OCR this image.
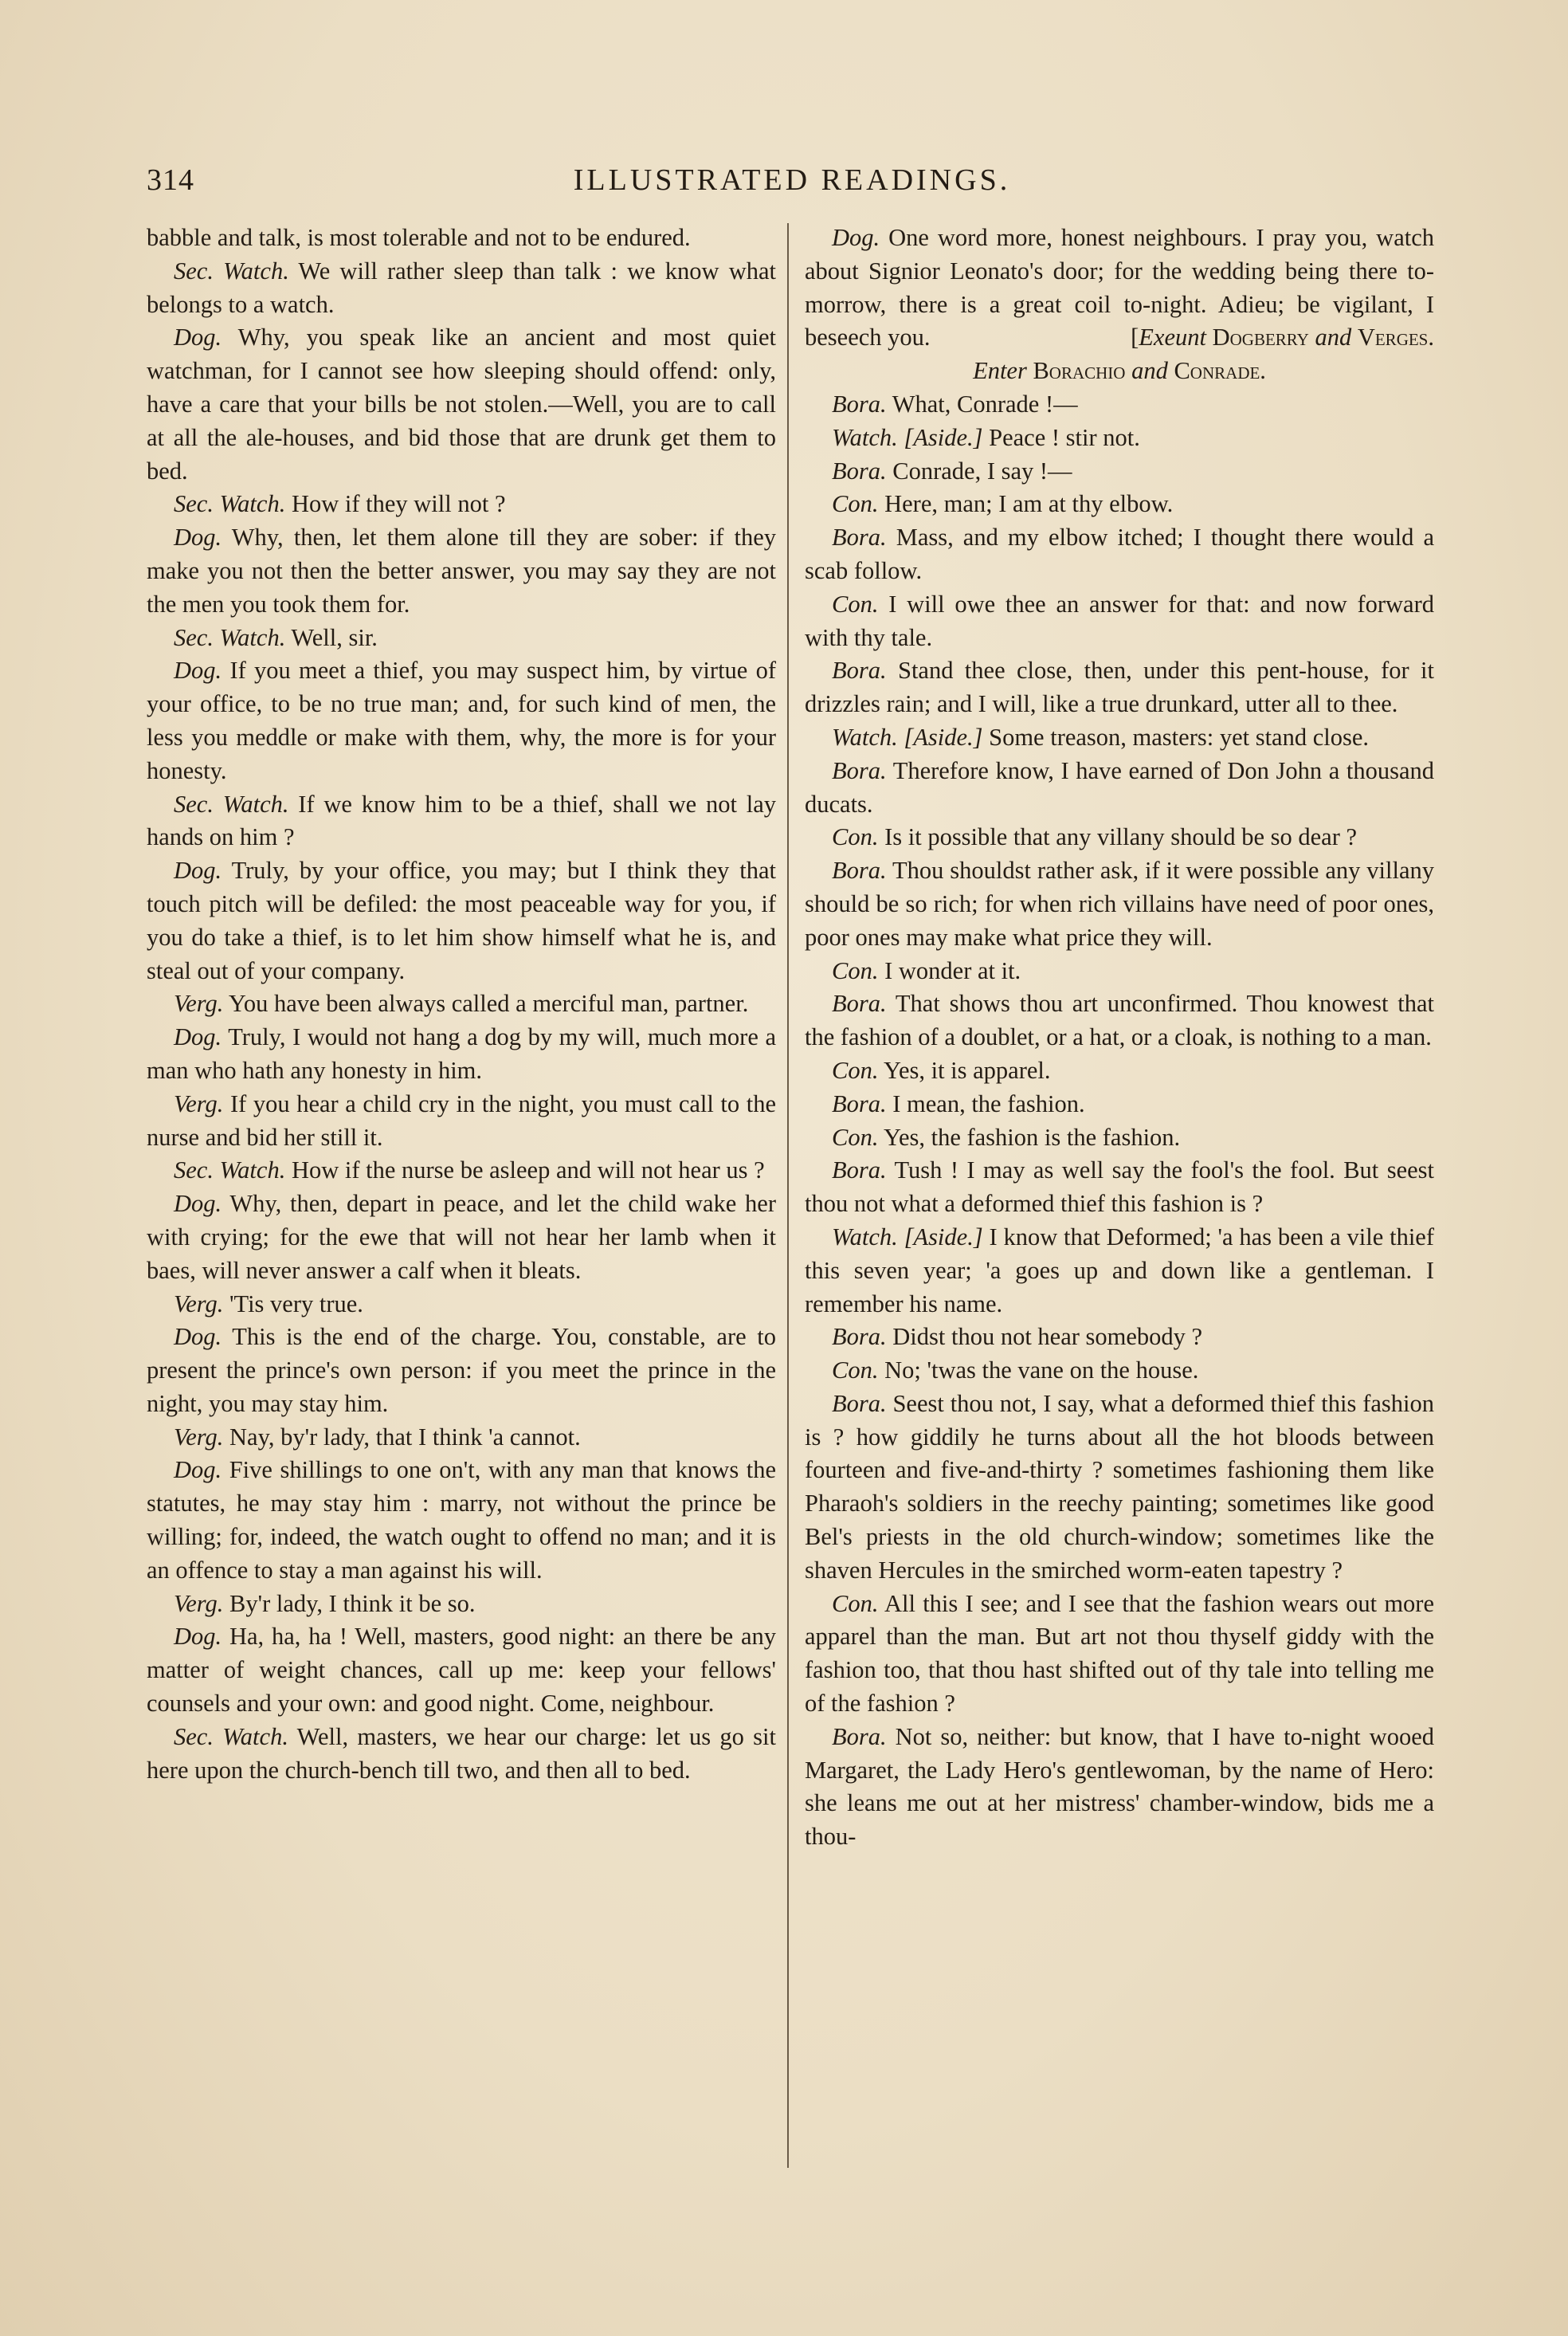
314	ILLUSTRATED READINGS.

babble and talk, is most tolerable and not to be endured.

Sec. Watch. We will rather sleep than talk : we know what belongs to a watch.

Dog. Why, you speak like an ancient and most quiet watchman, for I cannot see how sleeping should offend: only, have a care that your bills be not stolen.—Well, you are to call at all the ale-houses, and bid those that are drunk get them to bed.

Sec. Watch. How if they will not ?

Dog. Why, then, let them alone till they are sober: if they make you not then the better answer, you may say they are not the men you took them for.

Sec. Watch. Well, sir.

Dog. If you meet a thief, you may suspect him, by virtue of your office, to be no true man; and, for such kind of men, the less you meddle or make with them, why, the more is for your honesty.

Sec. Watch. If we know him to be a thief, shall we not lay hands on him ?

Dog. Truly, by your office, you may; but I think they that touch pitch will be defiled: the most peaceable way for you, if you do take a thief, is to let him show himself what he is, and steal out of your company.

Verg. You have been always called a merciful man, partner.

Dog. Truly, I would not hang a dog by my will, much more a man who hath any honesty in him.

Verg. If you hear a child cry in the night, you must call to the nurse and bid her still it.

Sec. Watch. How if the nurse be asleep and will not hear us ?

Dog. Why, then, depart in peace, and let the child wake her with crying; for the ewe that will not hear her lamb when it baes, will never answer a calf when it bleats.

Verg. 'Tis very true.

Dog. This is the end of the charge. You, constable, are to present the prince's own person: if you meet the prince in the night, you may stay him.

Verg. Nay, by'r lady, that I think 'a cannot.

Dog. Five shillings to one on't, with any man that knows the statutes, he may stay him : marry, not without the prince be willing; for, indeed, the watch ought to offend no man; and it is an offence to stay a man against his will.

Verg. By'r lady, I think it be so.

Dog. Ha, ha, ha ! Well, masters, good night: an there be any matter of weight chances, call up me: keep your fellows' counsels and your own: and good night. Come, neighbour.

Sec. Watch. Well, masters, we hear our charge: let us go sit here upon the church-bench till two, and then all to bed.

Dog. One word more, honest neighbours. I pray you, watch about Signior Leonato's door; for the wedding being there to-morrow, there is a great coil to-night. Adieu; be vigilant, I beseech you.	[Exeunt Dogberry and Verges.

Enter Borachio and Conrade.

Bora. What, Conrade !—

Watch. [Aside.] Peace ! stir not.

Bora. Conrade, I say !—

Con. Here, man; I am at thy elbow.

Bora. Mass, and my elbow itched; I thought there would a scab follow.

Con. I will owe thee an answer for that: and now forward with thy tale.

Bora. Stand thee close, then, under this pent-house, for it drizzles rain; and I will, like a true drunkard, utter all to thee.

Watch. [Aside.] Some treason, masters: yet stand close.

Bora. Therefore know, I have earned of Don John a thousand ducats.

Con. Is it possible that any villany should be so dear ?

Bora. Thou shouldst rather ask, if it were possible any villany should be so rich; for when rich villains have need of poor ones, poor ones may make what price they will.

Con. I wonder at it.

Bora. That shows thou art unconfirmed. Thou knowest that the fashion of a doublet, or a hat, or a cloak, is nothing to a man.

Con. Yes, it is apparel.

Bora. I mean, the fashion.

Con. Yes, the fashion is the fashion.

Bora. Tush ! I may as well say the fool's the fool. But seest thou not what a deformed thief this fashion is ?

Watch. [Aside.] I know that Deformed; 'a has been a vile thief this seven year; 'a goes up and down like a gentleman. I remember his name.

Bora. Didst thou not hear somebody ?

Con. No; 'twas the vane on the house.

Bora. Seest thou not, I say, what a deformed thief this fashion is ? how giddily he turns about all the hot bloods between fourteen and five-and-thirty ? sometimes fashioning them like Pharaoh's soldiers in the reechy painting; sometimes like good Bel's priests in the old church-window; sometimes like the shaven Hercules in the smirched worm-eaten tapestry ?

Con. All this I see; and I see that the fashion wears out more apparel than the man. But art not thou thyself giddy with the fashion too, that thou hast shifted out of thy tale into telling me of the fashion ?

Bora. Not so, neither: but know, that I have to-night wooed Margaret, the Lady Hero's gentlewoman, by the name of Hero: she leans me out at her mistress' chamber-window, bids me a thou-
